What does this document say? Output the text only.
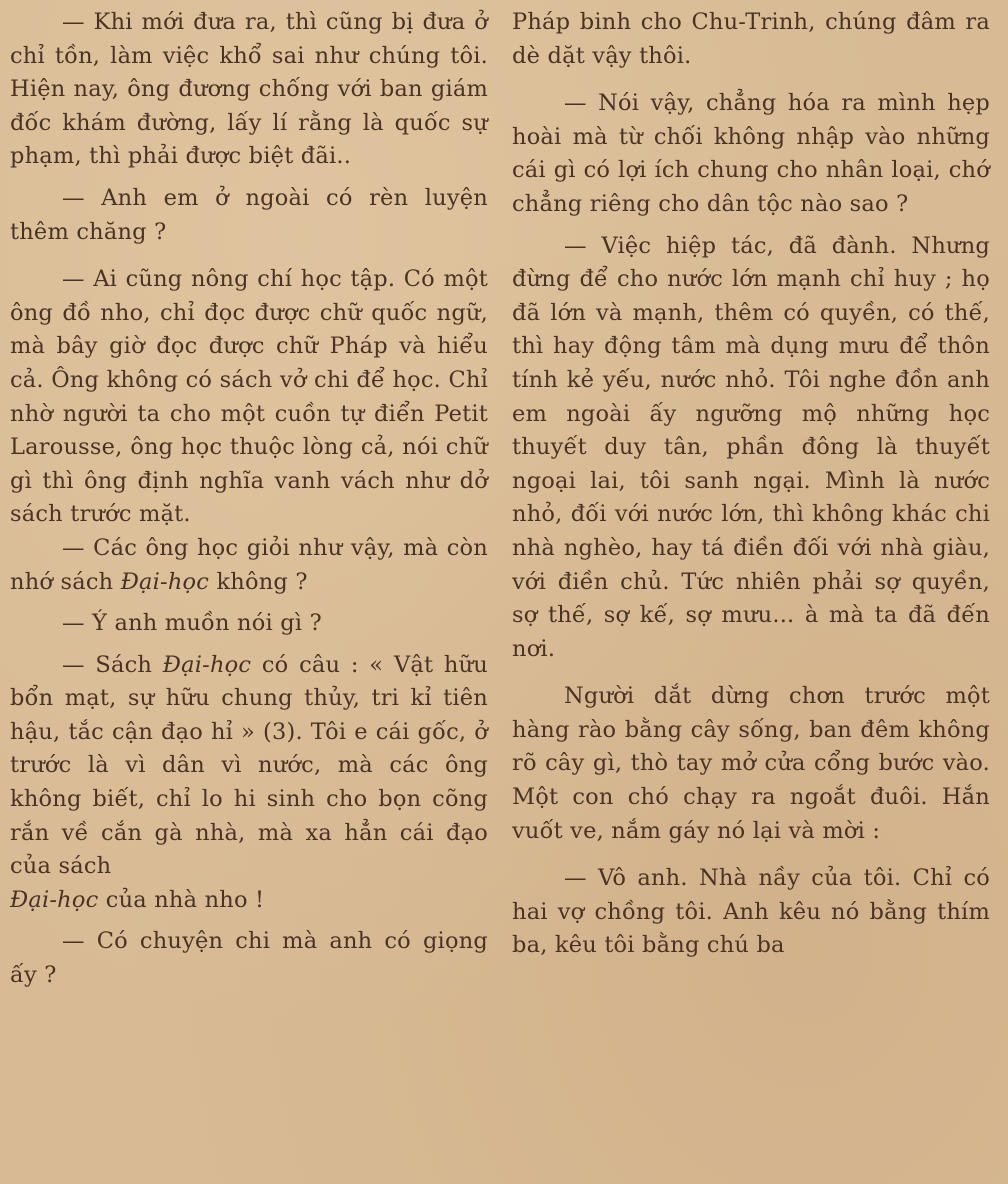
— Khi mới đưa ra, thì cũng bị đưa ở chỉ tồn, làm việc khổ sai như chúng tôi. Hiện nay, ông đương chống với ban giám đốc khám đường, lấy lí rằng là quốc sự phạm, thì phải được biệt đãi..

— Anh em ở ngoài có rèn luyện thêm chăng ?

— Ai cũng nông chí học tập. Có một ông đồ nho, chỉ đọc được chữ quốc ngữ, mà bây giờ đọc được chữ Pháp và hiểu cả. Ông không có sách vở chi để học. Chỉ nhờ người ta cho một cuồn tự điển Petit Larousse, ông học thuộc lòng cả, nói chữ gì thì ông định nghĩa vanh vách như dở sách trước mặt.

— Các ông học giỏi như vậy, mà còn nhớ sách Đại-học không ?

— Ý anh muồn nói gì ?

— Sách Đại-học có câu : « Vật hữu bổn mạt, sự hữu chung thủy, tri kỉ tiên hậu, tắc cận đạo hỉ » (3). Tôi e cái gốc, ở trước là vì dân vì nước, mà các ông không biết, chỉ lo hi sinh cho bọn cõng rắn về cắn gà nhà, mà xa hẳn cái đạo của sách

Đại-học của nhà nho !

— Có chuyện chi mà anh có giọng ấy ?

Pháp binh cho Chu-Trinh, chúng đâm ra dè dặt vậy thôi.

— Nói vậy, chẳng hóa ra mình hẹp hoài mà từ chối không nhập vào những cái gì có lợi ích chung cho nhân loại, chớ chẳng riêng cho dân tộc nào sao ?

— Việc hiệp tác, đã đành. Nhưng đừng để cho nước lớn mạnh chỉ huy ; họ đã lớn và mạnh, thêm có quyền, có thế, thì hay động tâm mà dụng mưu để thôn tính kẻ yếu, nước nhỏ. Tôi nghe đồn anh em ngoài ấy ngưỡng mộ những học thuyết duy tân, phần đông là thuyết ngoại lai, tôi sanh ngại. Mình là nước nhỏ, đối với nước lớn, thì không khác chi nhà nghèo, hay tá điền đối với nhà giàu, với điền chủ. Tức nhiên phải sợ quyền, sợ thế, sợ kế, sợ mưu... à mà ta đã đến nơi.

Người dắt dừng chơn trước một hàng rào bằng cây sống, ban đêm không rõ cây gì, thò tay mở cửa cổng bước vào. Một con chó chạy ra ngoắt đuôi. Hắn vuốt ve, nắm gáy nó lại và mời :

— Vô anh. Nhà nầy của tôi. Chỉ có hai vợ chồng tôi. Anh kêu nó bằng thím ba, kêu tôi bằng chú ba
